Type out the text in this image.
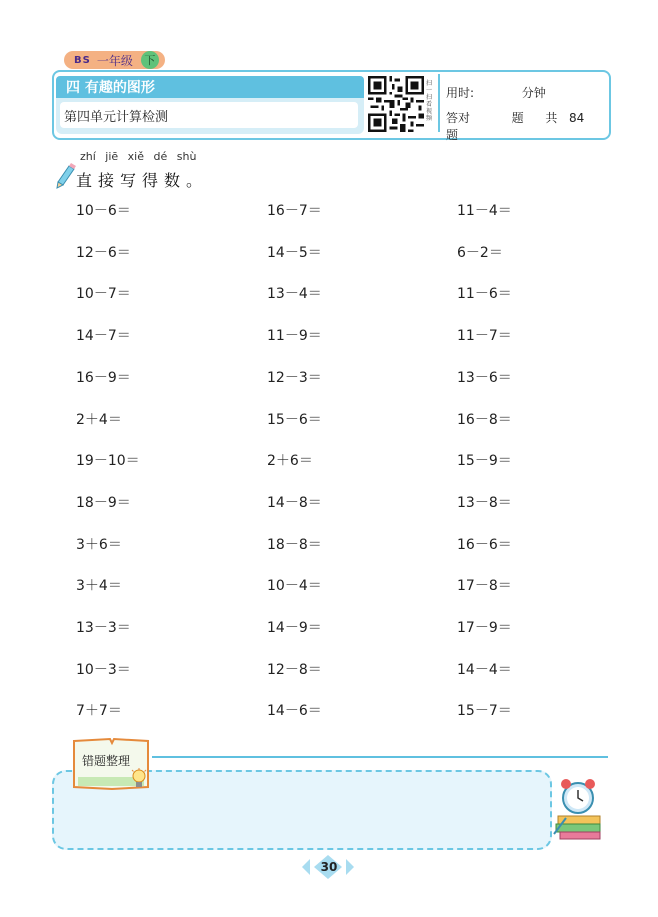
BS 一年级	下
四 有趣的图形
第四单元计算检测
扫一扫 看视频
用时:	分钟
答对	题 共 84  题
zhí jiē xiě dé shù
直接写得数。
10－6＝	16－7＝	11－4＝
12－6＝	14－5＝	6－2＝
10－7＝	13－4＝	11－6＝
14－7＝	11－9＝	11－7＝
16－9＝	12－3＝	13－6＝
2＋4＝	15－6＝	16－8＝
19－10＝	2＋6＝	15－9＝
18－9＝	14－8＝	13－8＝
3＋6＝	18－8＝	16－6＝
3＋4＝	10－4＝	17－8＝
13－3＝	14－9＝	17－9＝
10－3＝	12－8＝	14－4＝
7＋7＝	14－6＝	15－7＝
错题整理
30
